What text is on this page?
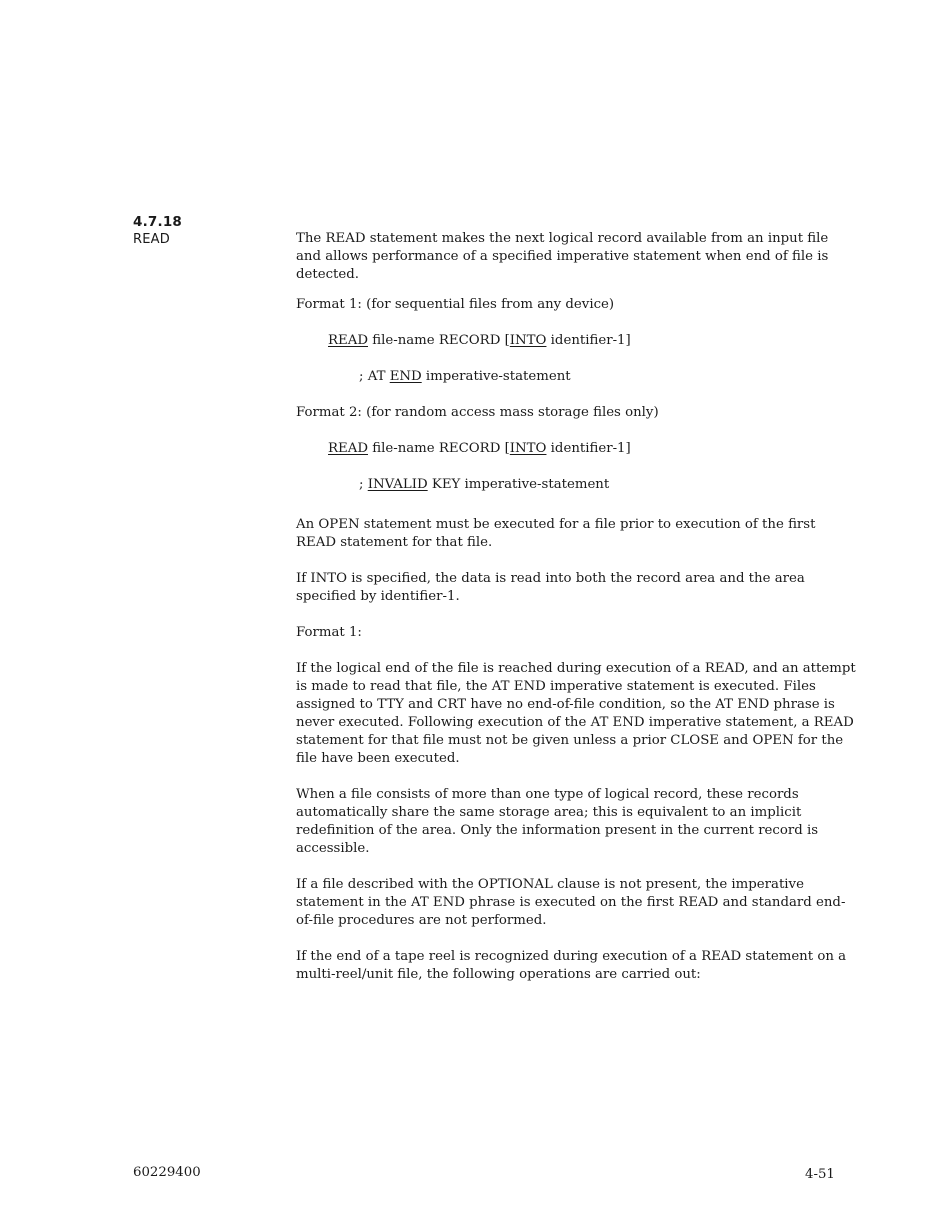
4.7.18
READ	The READ statement makes the next logical record available from an input file and allows performance of a specified imperative statement when end of file is detected.

Format 1: (for sequential files from any device)

READ file-name RECORD [INTO identifier-1]
; AT END imperative-statement

Format 2: (for random access mass storage files only)

READ file-name RECORD [INTO identifier-1]
; INVALID KEY imperative-statement

An OPEN statement must be executed for a file prior to execution of the first READ statement for that file.

If INTO is specified, the data is read into both the record area and the area specified by identifier-1.

Format 1:

If the logical end of the file is reached during execution of a READ, and an attempt is made to read that file, the AT END imperative statement is executed. Files assigned to TTY and CRT have no end-of-file condition, so the AT END phrase is never executed. Following execution of the AT END imperative statement, a READ statement for that file must not be given unless a prior CLOSE and OPEN for the file have been executed.

When a file consists of more than one type of logical record, these records automatically share the same storage area; this is equivalent to an implicit redefinition of the area. Only the information present in the current record is accessible.

If a file described with the OPTIONAL clause is not present, the imperative statement in the AT END phrase is executed on the first READ and standard end-of-file procedures are not performed.

If the end of a tape reel is recognized during execution of a READ statement on a multi-reel/unit file, the following operations are carried out:

60229400	4-51
